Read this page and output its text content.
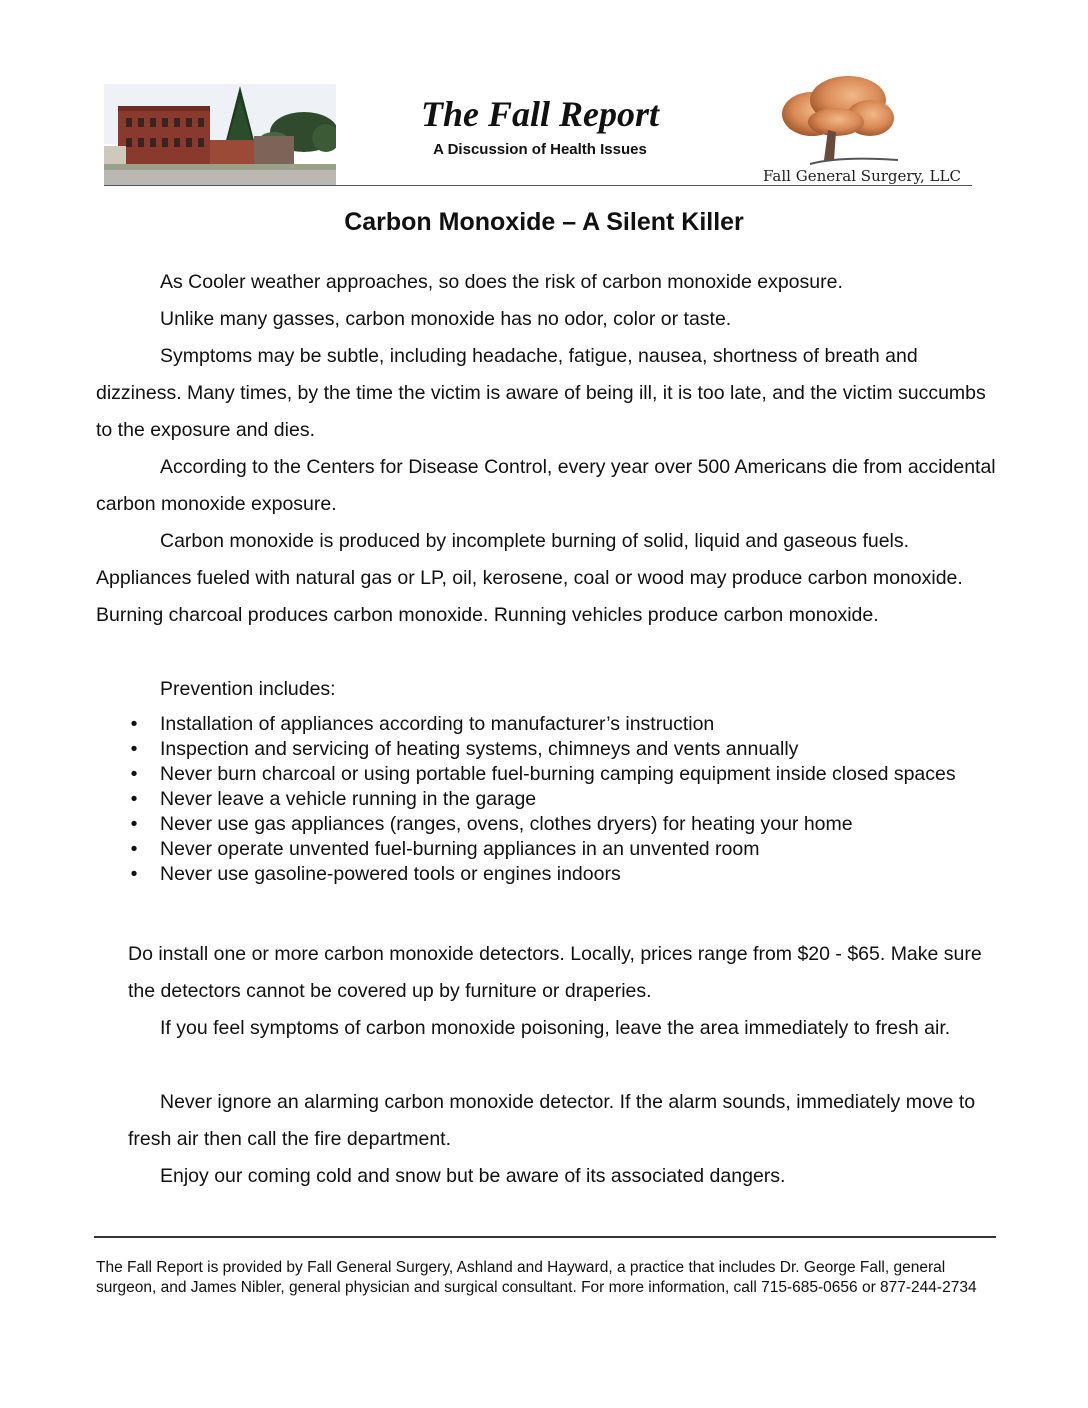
The Fall Report
A Discussion of Health Issues
Fall General Surgery, LLC
Carbon Monoxide – A Silent Killer

As Cooler weather approaches, so does the risk of carbon monoxide exposure.

Unlike many gasses, carbon monoxide has no odor, color or taste.

Symptoms may be subtle, including headache, fatigue, nausea, shortness of breath and dizziness. Many times, by the time the victim is aware of being ill, it is too late, and the victim succumbs to the exposure and dies.

According to the Centers for Disease Control, every year over 500 Americans die from accidental carbon monoxide exposure.

Carbon monoxide is produced by incomplete burning of solid, liquid and gaseous fuels. Appliances fueled with natural gas or LP, oil, kerosene, coal or wood may produce carbon monoxide. Burning charcoal produces carbon monoxide. Running vehicles produce carbon monoxide.

Prevention includes:

• Installation of appliances according to manufacturer’s instruction
• Inspection and servicing of heating systems, chimneys and vents annually
• Never burn charcoal or using portable fuel-burning camping equipment inside closed spaces
• Never leave a vehicle running in the garage
• Never use gas appliances (ranges, ovens, clothes dryers) for heating your home
• Never operate unvented fuel-burning appliances in an unvented room
• Never use gasoline-powered tools or engines indoors

Do install one or more carbon monoxide detectors. Locally, prices range from $20 - $65. Make sure the detectors cannot be covered up by furniture or draperies.

If you feel symptoms of carbon monoxide poisoning, leave the area immediately to fresh air.

Never ignore an alarming carbon monoxide detector. If the alarm sounds, immediately move to fresh air then call the fire department.

Enjoy our coming cold and snow but be aware of its associated dangers.

The Fall Report is provided by Fall General Surgery, Ashland and Hayward, a practice that includes Dr. George Fall, general surgeon, and James Nibler, general physician and surgical consultant. For more information, call 715-685-0656 or 877-244-2734
